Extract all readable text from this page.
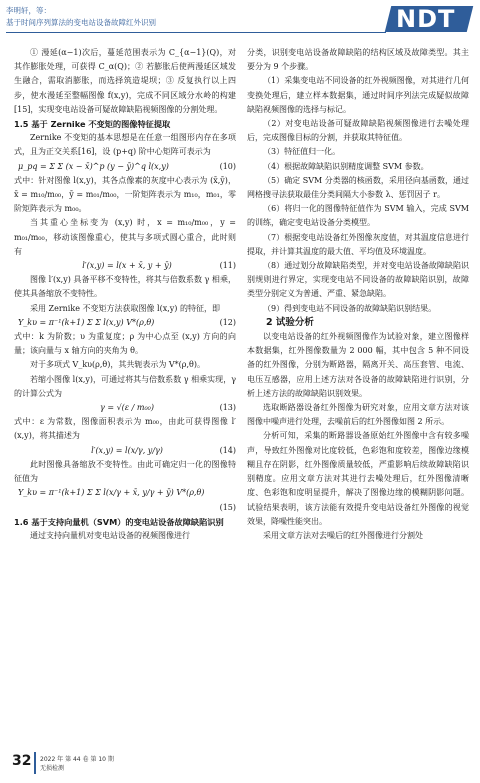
李明轩，等：
基于时间序列算法的变电站设备故障红外识别	NDT

① 漫延(α−1)次后，蔓延范围表示为 C_{α−1}(Q)，对其作膨胀处理，可获得 C_α(Q)；② 若膨胀后使两漫延区域发生融合，需取消膨胀，而选择筑造堤坝；③ 反复执行以上四步，使水漫延至整幅图像 f(x,y)，完成不同区域分水岭的构建[15]，实现变电站设备可疑故障缺陷视频图像的分割处理。

1.5 基于 Zernike 不变矩的图像特征提取

Zernike 不变矩的基本思想是在任意一组图形内存在多项式，且为正交关系[16]，设 (p+q) 阶中心矩阵可表示为

μ_pq = Σ Σ (x − x̄)^p (y − ȳ)^q l(x,y)	(10)

式中：针对图像 l(x,y)，其各点像素的灰度中心表示为 (x̄,ȳ)，x̄ = m₁₀/m₀₀，ȳ = m₀₁/m₀₀，一阶矩阵表示为 m₁₀，m₀₁，零阶矩阵表示为 m₀₀。

当其重心坐标变为 (x,y) 时，x = m₁₀/m₀₀，y = m₀₁/m₀₀，移动该图像重心，使其与多项式圆心重合，此时则有

l′(x,y) = l(x + x̄, y + ȳ)	(11)

图像 l′(x,y) 具备平移不变特性，将其与倍数系数 γ 相乘，使其具备缩放不变特性。

采用 Zernike 不变矩方法获取图像 l(x,y) 的特征，即

Y_kυ = π⁻¹(k+1) Σ Σ l(x,y) V*(ρ,θ)	(12)

式中：k 为阶数；υ 为重复度；ρ 为中心点至 (x,y) 方向的向量；该向量与 x 轴方向的夹角为 θ。

对于多项式 V_kυ(ρ,θ)，其共轭表示为 V*(ρ,θ)。

若缩小图像 l(x,y)，可通过将其与倍数系数 γ 相乘实现，γ 的计算公式为

γ = √(ε / m₀₀)	(13)

式中：ε 为常数，图像面积表示为 m₀₀，由此可获得图像 l′(x,y)，将其描述为

l′(x,y) = l(x/γ, y/γ)	(14)

此时图像具备缩放不变特性。由此可确定归一化的图像特征值为

Y_kυ = π⁻¹(k+1) Σ Σ l(x/γ + x̄, y/γ + ȳ) V*(ρ,θ)
(15)

1.6 基于支持向量机（SVM）的变电站设备故障缺陷识别

通过支持向量机对变电站设备的视频图像进行

分类，识别变电站设备故障缺陷的结构区域及故障类型。其主要分为 9 个步骤。

（1）采集变电站不同设备的红外视频图像，对其进行几何变换处理后，建立样本数据集，通过时间序列法完成疑似故障缺陷视频图像的选择与标记。

（2）对变电站设备可疑故障缺陷视频图像进行去噪处理后，完成图像目标的分割，并获取其特征值。

（3）特征值归一化。

（4）根据故障缺陷识别精度调整 SVM 参数。

（5）确定 SVM 分类器的核函数，采用径向基函数，通过网格搜寻法获取最佳分类间隔大小参数 λ、惩罚因子 r。

（6）将归一化的图像特征值作为 SVM 输入，完成 SVM 的训练，确定变电站设备分类模型。

（7）根据变电站设备红外图像灰度值，对其温度信息进行提取，并计算其温度的最大值、平均值及环境温度。

（8）通过划分故障缺陷类型，并对变电站设备故障缺陷识别规则进行界定，实现变电站不同设备的故障缺陷识别，故障类型分别定义为普通、严重、紧急缺陷。

（9）得到变电站不同设备的故障缺陷识别结果。

2 试验分析

以变电站设备的红外视频图像作为试验对象，建立图像样本数据集，红外图像数量为 2 000 幅，其中包含 5 种不同设备的红外图像，分别为断路器，隔离开关、高压套管、电流、电压互感器，应用上述方法对各设备的故障缺陷进行识别，分析上述方法的故障缺陷识别效果。

选取断路器设备红外图像为研究对象，应用文章方法对该图像中噪声进行处理，去噪前后的红外图像如图 2 所示。

分析可知，采集的断路器设备原始红外图像中含有较多噪声，导致红外图像对比度较低，色彩饱和度较差，图像边缘模糊且存在阴影，红外图像质量较低，严重影响后续故障缺陷识别精度。应用文章方法对其进行去噪处理后，红外图像清晰度、色彩饱和度明显提升，解决了图像边缘的模糊阴影问题。试验结果表明，该方法能有效提升变电站设备红外图像的视觉效果，降噪性能突出。

采用文章方法对去噪后的红外图像进行分割处

32 2022 年 第 44 卷 第 10 期
无损检测
